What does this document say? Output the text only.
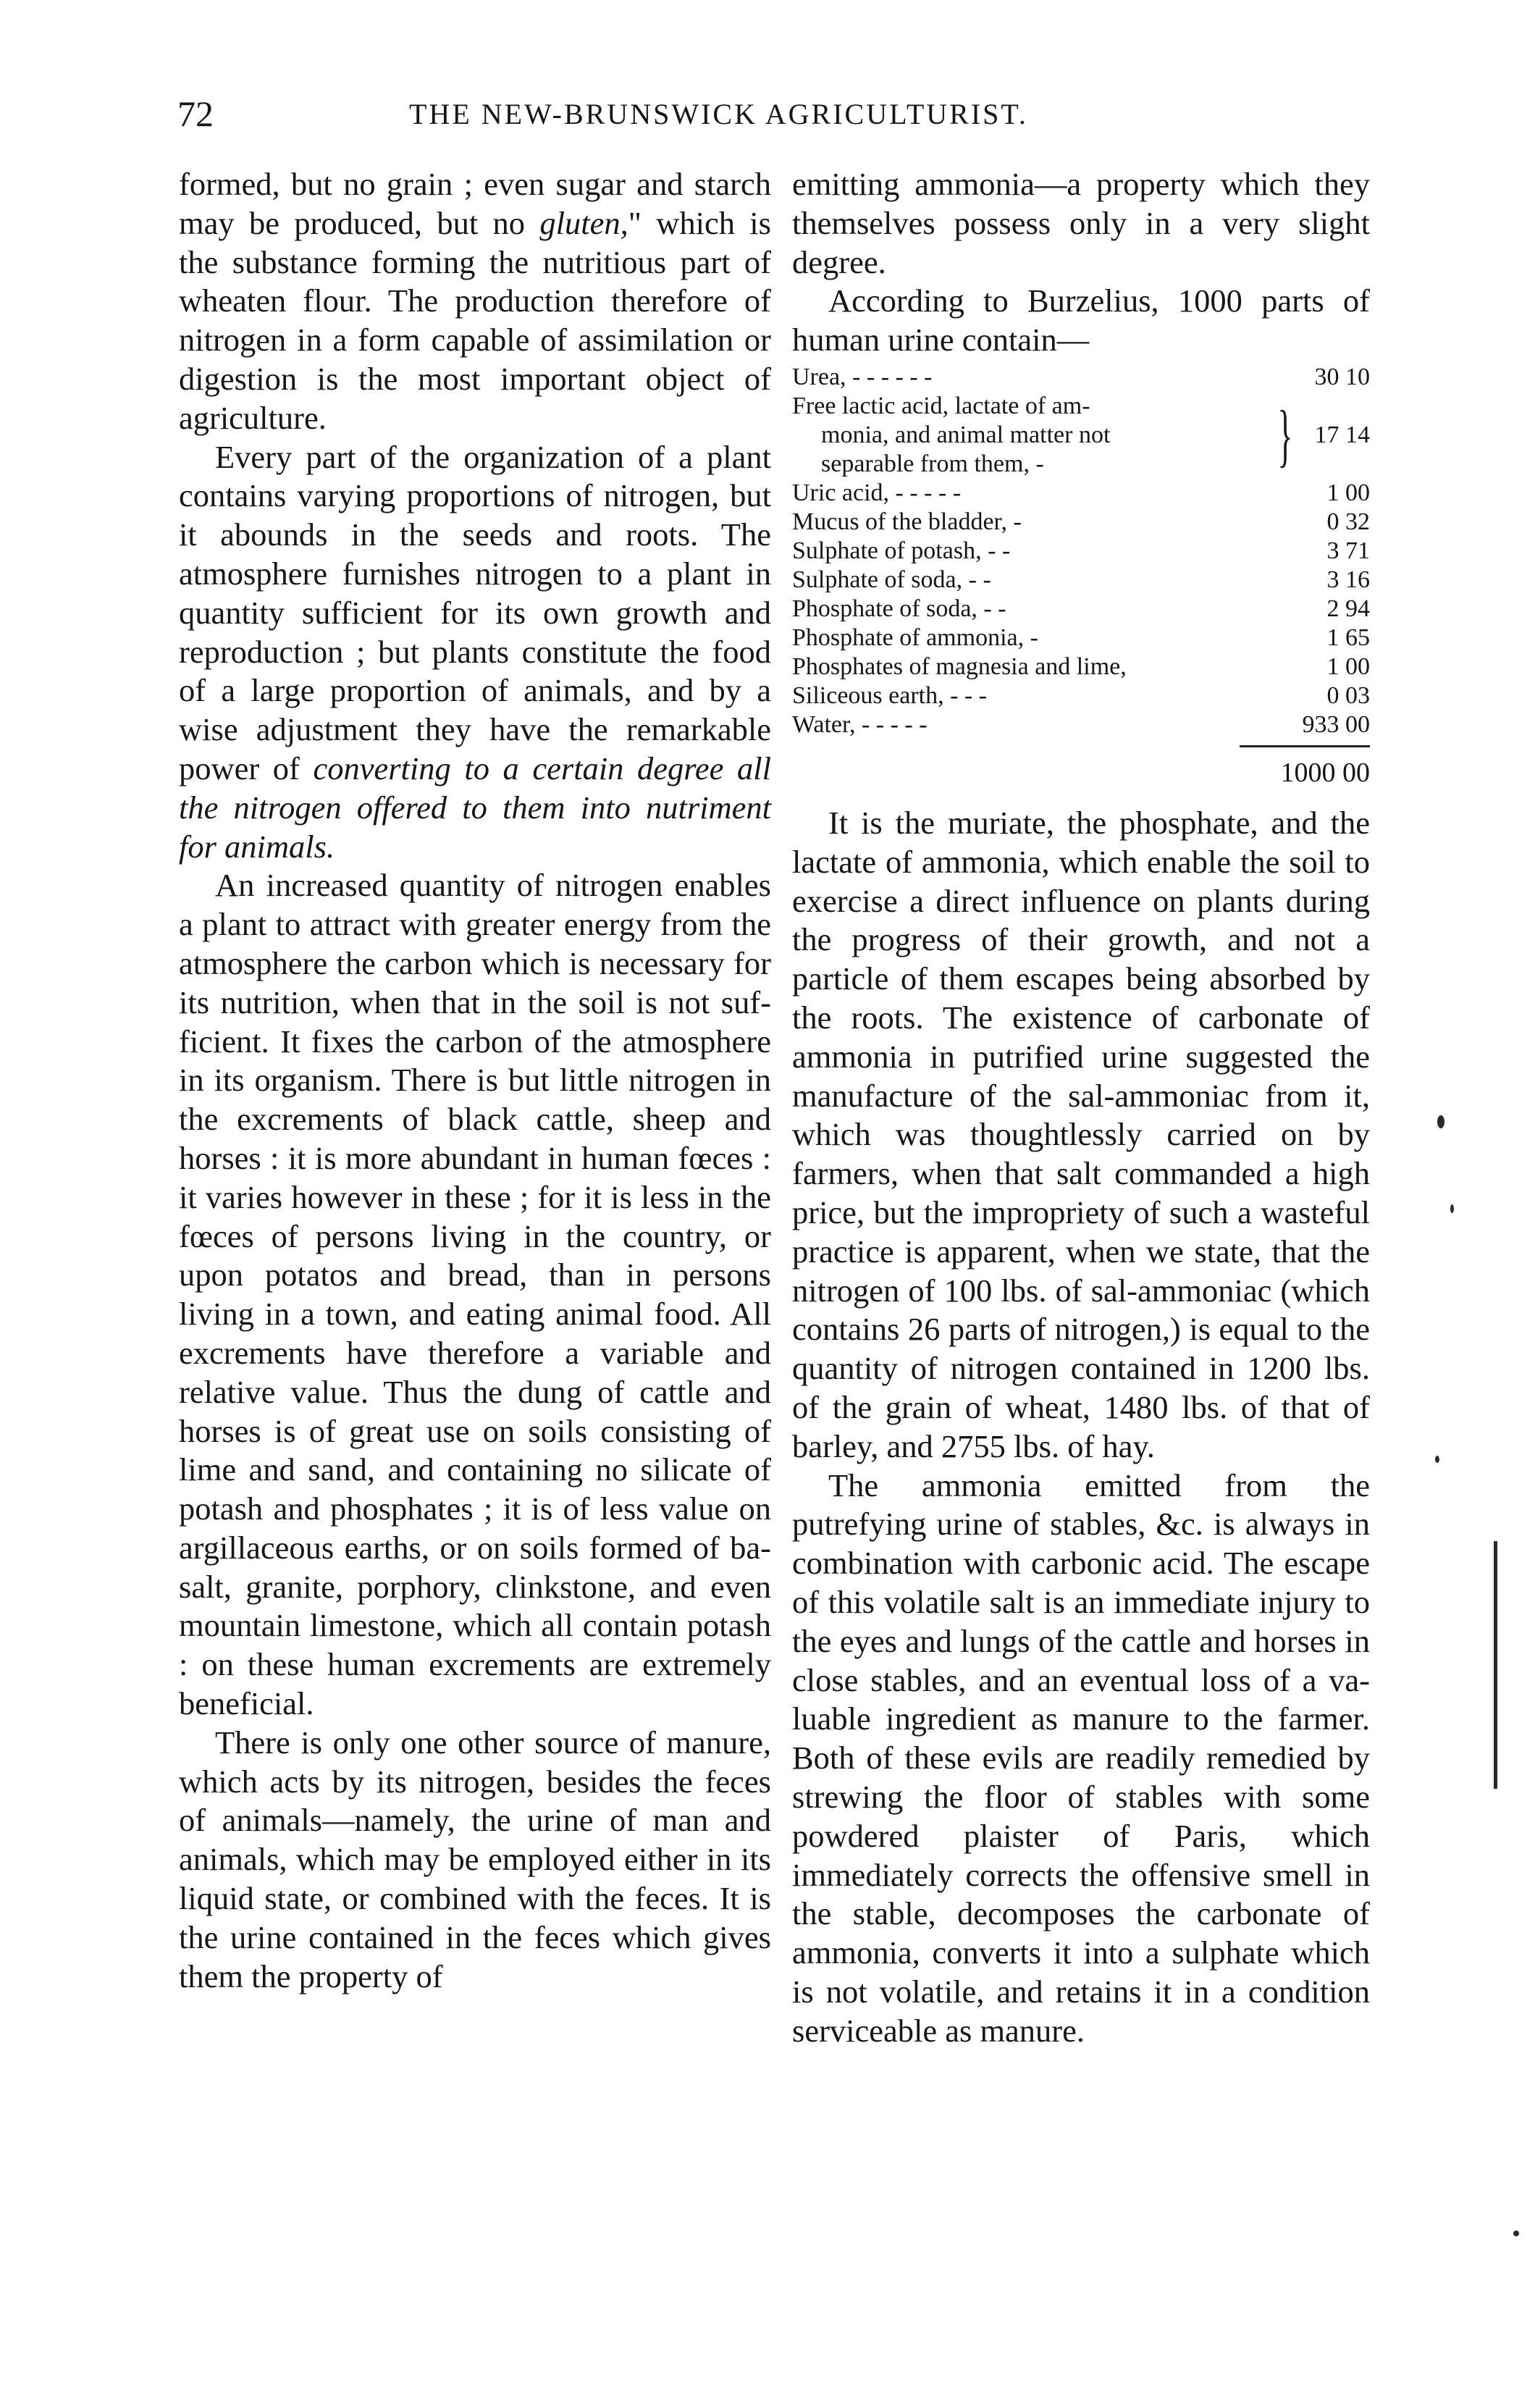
72	THE NEW-BRUNSWICK AGRICULTURIST.

formed, but no grain ; even sugar and starch may be produced, but no gluten," which is the substance forming the nutritious part of wheaten flour. The production therefore of nitrogen in a form capable of assimilation or digestion is the most important object of agriculture.

Every part of the organization of a plant contains varying proportions of nitrogen, but it abounds in the seeds and roots. The atmosphere furnishes nitrogen to a plant in quantity sufficient for its own growth and reproduction ; but plants constitute the food of a large proportion of animals, and by a wise adjustment they have the remarkable power of converting to a certain degree all the nitrogen offered to them into nutriment for animals.

An increased quantity of nitrogen enables a plant to attract with greater energy from the atmosphere the carbon which is necessary for its nutrition, when that in the soil is not sufficient. It fixes the carbon of the atmosphere in its organism. There is but little nitrogen in the excrements of black cattle, sheep and horses : it is more abundant in human fœces : it varies however in these ; for it is less in the fœces of persons living in the country, or upon potatos and bread, than in persons living in a town, and eating animal food. All excrements have therefore a variable and relative value. Thus the dung of cattle and horses is of great use on soils consisting of lime and sand, and containing no silicate of potash and phosphates ; it is of less value on argillaceous earths, or on soils formed of basalt, granite, porphory, clinkstone, and even mountain limestone, which all contain potash : on these human excrements are extremely beneficial.

There is only one other source of manure, which acts by its nitrogen, besides the feces of animals—namely, the urine of man and animals, which may be employed either in its liquid state, or combined with the feces. It is the urine contained in the feces which gives them the property of

emitting ammonia—a property which they themselves possess only in a very slight degree.

According to Burzelius, 1000 parts of human urine contain—

Urea, - - - - - -	30 10
Free lactic acid, lactate of am-
monia, and animal matter not
separable from them, -	} 17 14
Uric acid, - - - - -	1 00
Mucus of the bladder, -	0 32
Sulphate of potash, - -	3 71
Sulphate of soda, - -	3 16
Phosphate of soda, - -	2 94
Phosphate of ammonia, -	1 65
Phosphates of magnesia and lime,	1 00
Siliceous earth, - - -	0 03
Water, - - - - -	933 00
1000 00

It is the muriate, the phosphate, and the lactate of ammonia, which enable the soil to exercise a direct influence on plants during the progress of their growth, and not a particle of them escapes being absorbed by the roots. The existence of carbonate of ammonia in putrified urine suggested the manufacture of the sal-ammoniac from it, which was thoughtlessly carried on by farmers, when that salt commanded a high price, but the impropriety of such a wasteful practice is apparent, when we state, that the nitrogen of 100 lbs. of sal-ammoniac (which contains 26 parts of nitrogen,) is equal to the quantity of nitrogen contained in 1200 lbs. of the grain of wheat, 1480 lbs. of that of barley, and 2755 lbs. of hay.

The ammonia emitted from the putrefying urine of stables, &c. is always in combination with carbonic acid. The escape of this volatile salt is an immediate injury to the eyes and lungs of the cattle and horses in close stables, and an eventual loss of a valuable ingredient as manure to the farmer. Both of these evils are readily remedied by strewing the floor of stables with some powdered plaister of Paris, which immediately corrects the offensive smell in the stable, decomposes the carbonate of ammonia, converts it into a sulphate which is not volatile, and retains it in a condition serviceable as manure.
